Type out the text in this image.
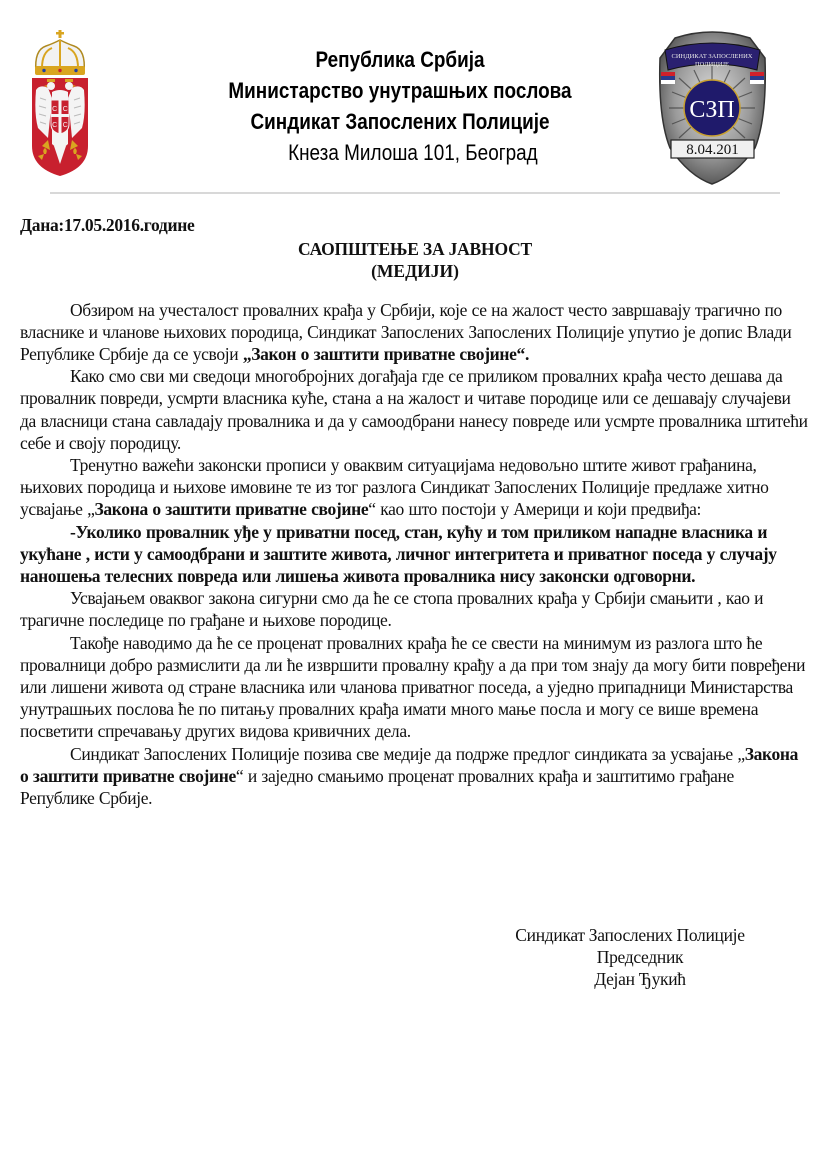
С С
С С
Република Србија
Министарство унутрашњих послова
Синдикат Запослених Полиције
Кнеза Милоша 101, Београд
СИНДИКАТ ЗАПОСЛЕНИХ
ПОЛИЦИЈЕ
СЗП
8.04.201

Дана:17.05.2016.године

САОПШТЕЊЕ ЗА ЈАВНОСТ
(МЕДИЈИ)

Обзиром на учесталост провалних крађа у Србији, које се на жалост често завршавају трагично по власнике и чланове њихових породица, Синдикат Запослених Запослених Полиције упутио је допис Влади Републике Србије да се усвоји „Закон о заштити приватне својине“.

Како смо сви ми сведоци многобројних догађаја где се приликом провалних крађа често дешава да провалник повреди, усмрти власника куће, стана а на жалост и читаве породице или се дешавају случајеви да власници стана савладају провалника и да у самоодбрани нанесу повреде или усмрте провалника штитећи себе и своју породицу.

Тренутно важећи законски прописи у оваквим ситуацијама недовољно штите живот грађанина, њихових породица и њихове имовине те из тог разлога Синдикат Запослених Полиције предлаже хитно усвајање „Закона о заштити приватне својине“ као што постоји у Америци и који предвиђа:

-Уколико провалник уђе у приватни посед, стан, кућу и том приликом нападне власника и укућане , исти у самоодбрани и заштите живота, личног интегритета и приватног поседа у случају наношења телесних повреда или лишења живота провалника нису законски одговорни.

Усвајањем оваквог закона сигурни смо да ће се стопа провалних крађа у Србији смањити , као и трагичне последице по грађане и њихове породице.

Такође наводимо да ће се проценат провалних крађа ће се свести на минимум из разлога што ће провалници добро размислити да ли ће извршити провалну крађу а да при том знају да могу бити повређени или лишени живота од стране власника или чланова приватног поседа, а уједно припадници Министарства унутрашњих послова ће по питању провалних крађа имати много мање посла и могу се више времена посветити спречавању других видова кривичних дела.

Синдикат Запослених Полиције позива све медије да подрже предлог синдиката за усвајање „Закона о заштити приватне својине“ и заједно смањимо проценат провалних крађа и заштитимо грађане Републике Србије.

Синдикат Запослених Полиције
Председник
Дејан Ђукић
